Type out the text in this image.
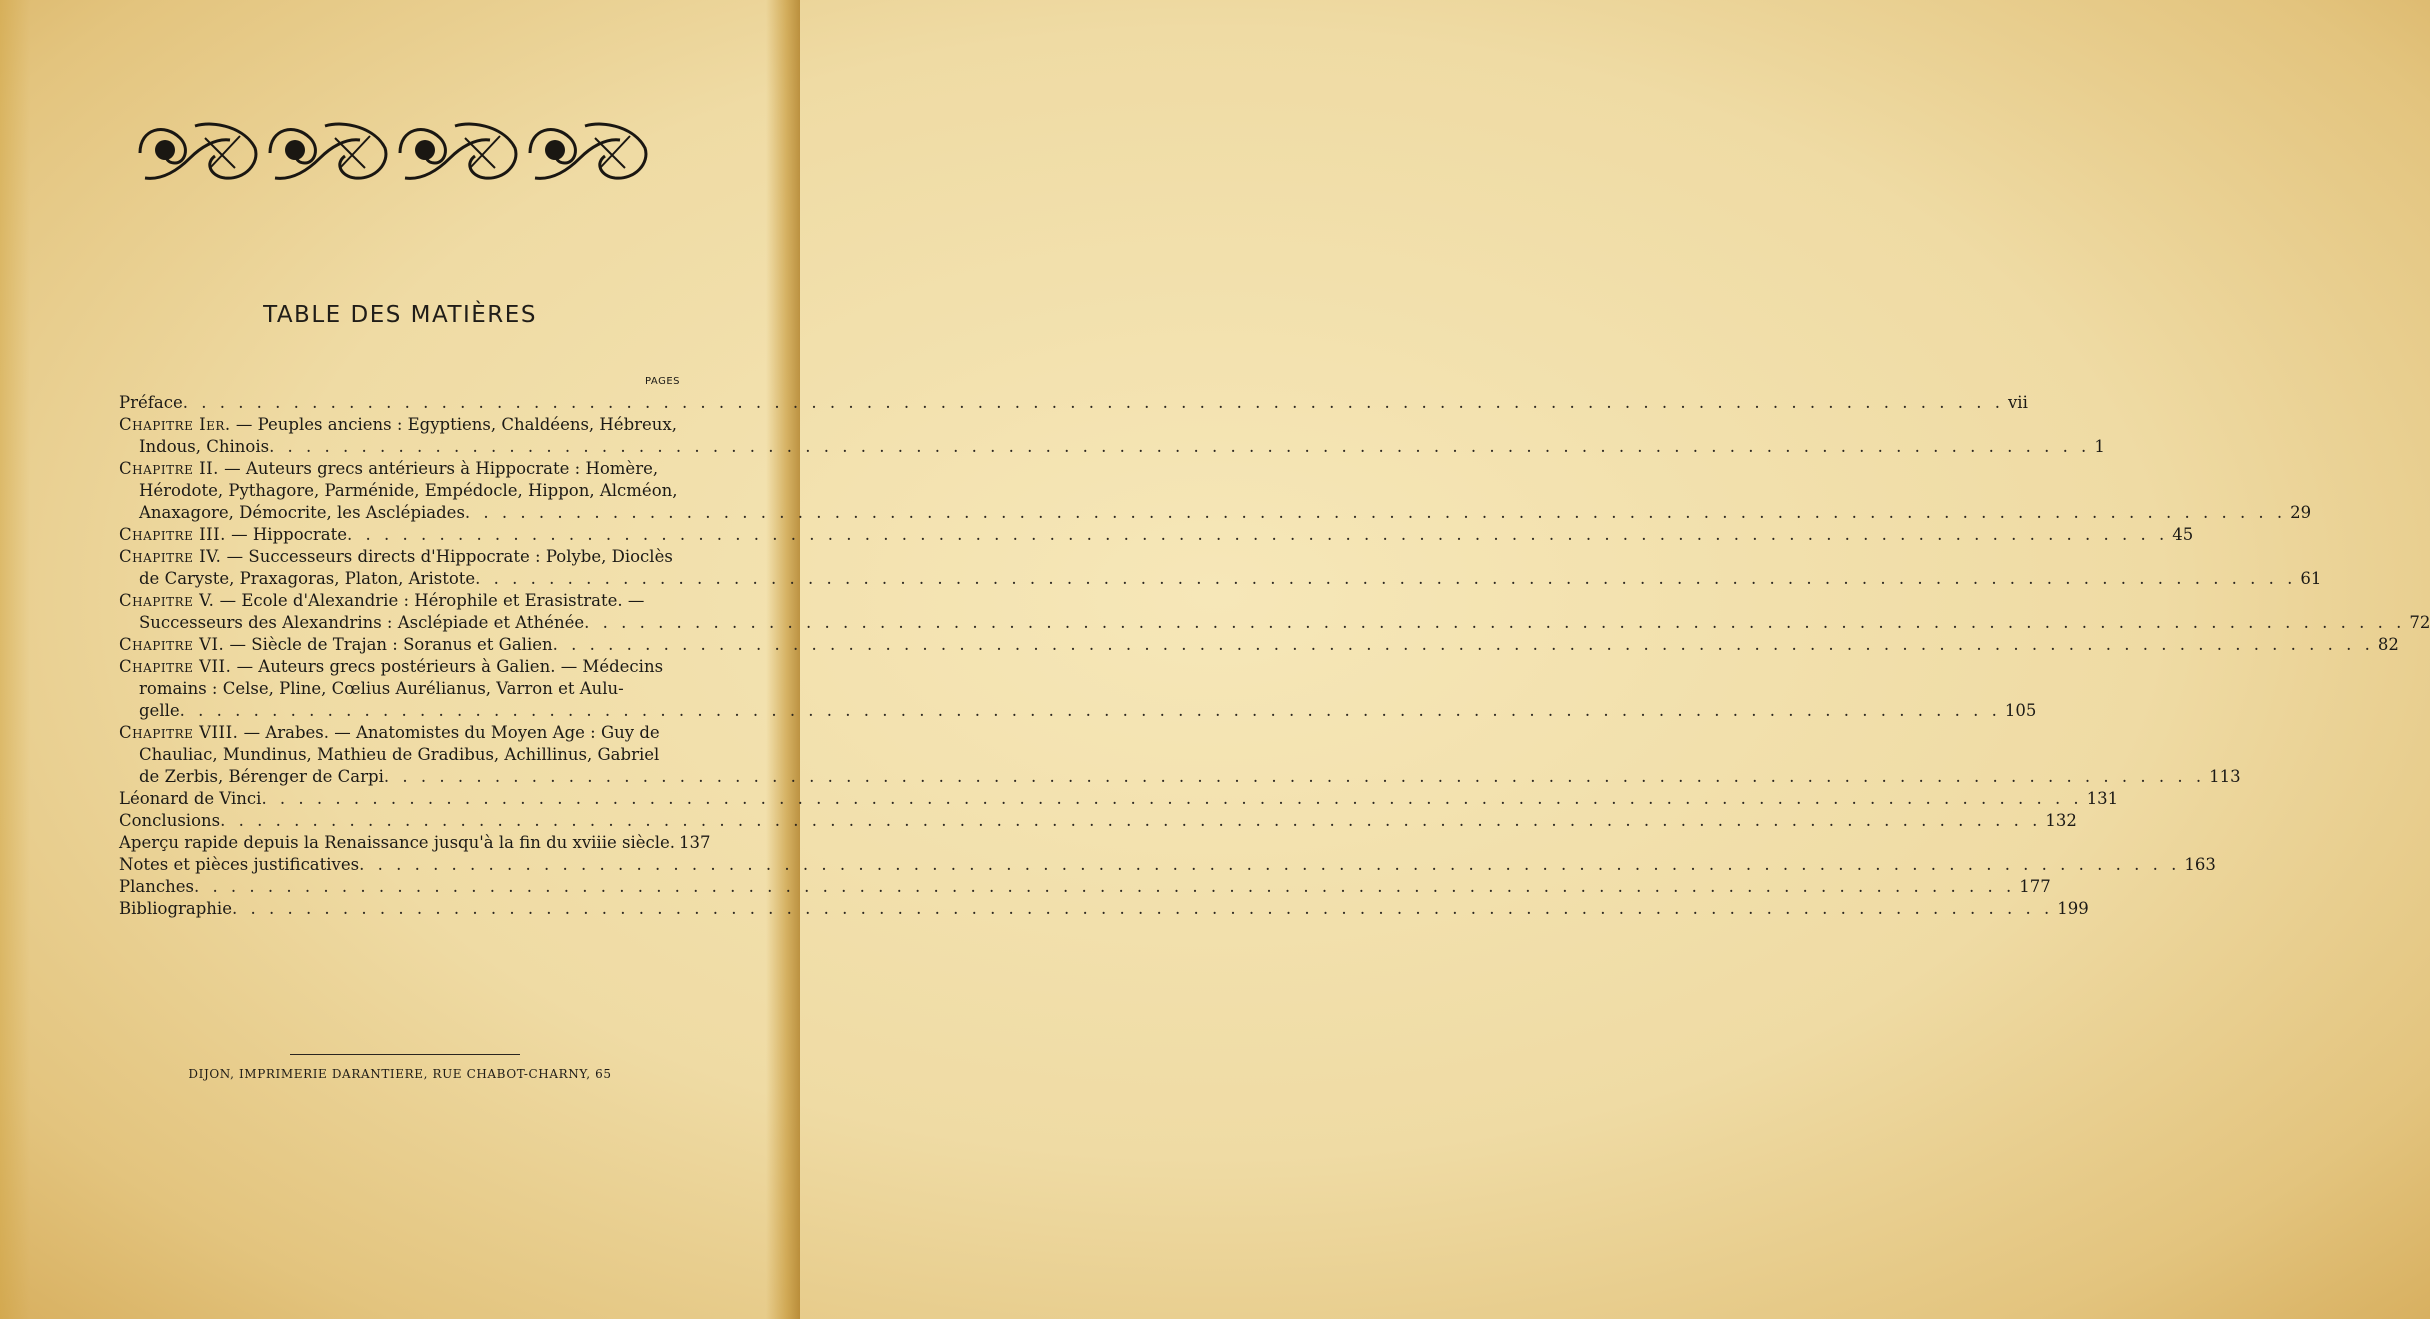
TABLE DES MATIÈRES
PAGES
Préface . . .	vii
Chapitre Ier. — Peuples anciens : Egyptiens, Chaldéens, Hébreux,
Indous, Chinois . . .	1
Chapitre II. — Auteurs grecs antérieurs à Hippocrate : Homère,
Hérodote, Pythagore, Parménide, Empédocle, Hippon, Alcméon,
Anaxagore, Démocrite, les Asclépiades . . .	29
Chapitre III. — Hippocrate . . .	45
Chapitre IV. — Successeurs directs d'Hippocrate : Polybe, Dioclès
de Caryste, Praxagoras, Platon, Aristote . . .	61
Chapitre V. — Ecole d'Alexandrie : Hérophile et Erasistrate. —
Successeurs des Alexandrins : Asclépiade et Athénée . . .	72
Chapitre VI. — Siècle de Trajan : Soranus et Galien . . .	82
Chapitre VII. — Auteurs grecs postérieurs à Galien. — Médecins
romains : Celse, Pline, Cœlius Aurélianus, Varron et Aulu-
gelle . . .	105
Chapitre VIII. — Arabes. — Anatomistes du Moyen Age : Guy de
Chauliac, Mundinus, Mathieu de Gradibus, Achillinus, Gabriel
de Zerbis, Bérenger de Carpi . . .	113
Léonard de Vinci . . .	131
Conclusions . . .	132
Aperçu rapide depuis la Renaissance jusqu'à la fin du xviiie siècle. 137
Notes et pièces justificatives . . .	163
Planches . . .	177
Bibliographie . . .	199
DIJON, IMPRIMERIE DARANTIERE, RUE CHABOT-CHARNY, 65
